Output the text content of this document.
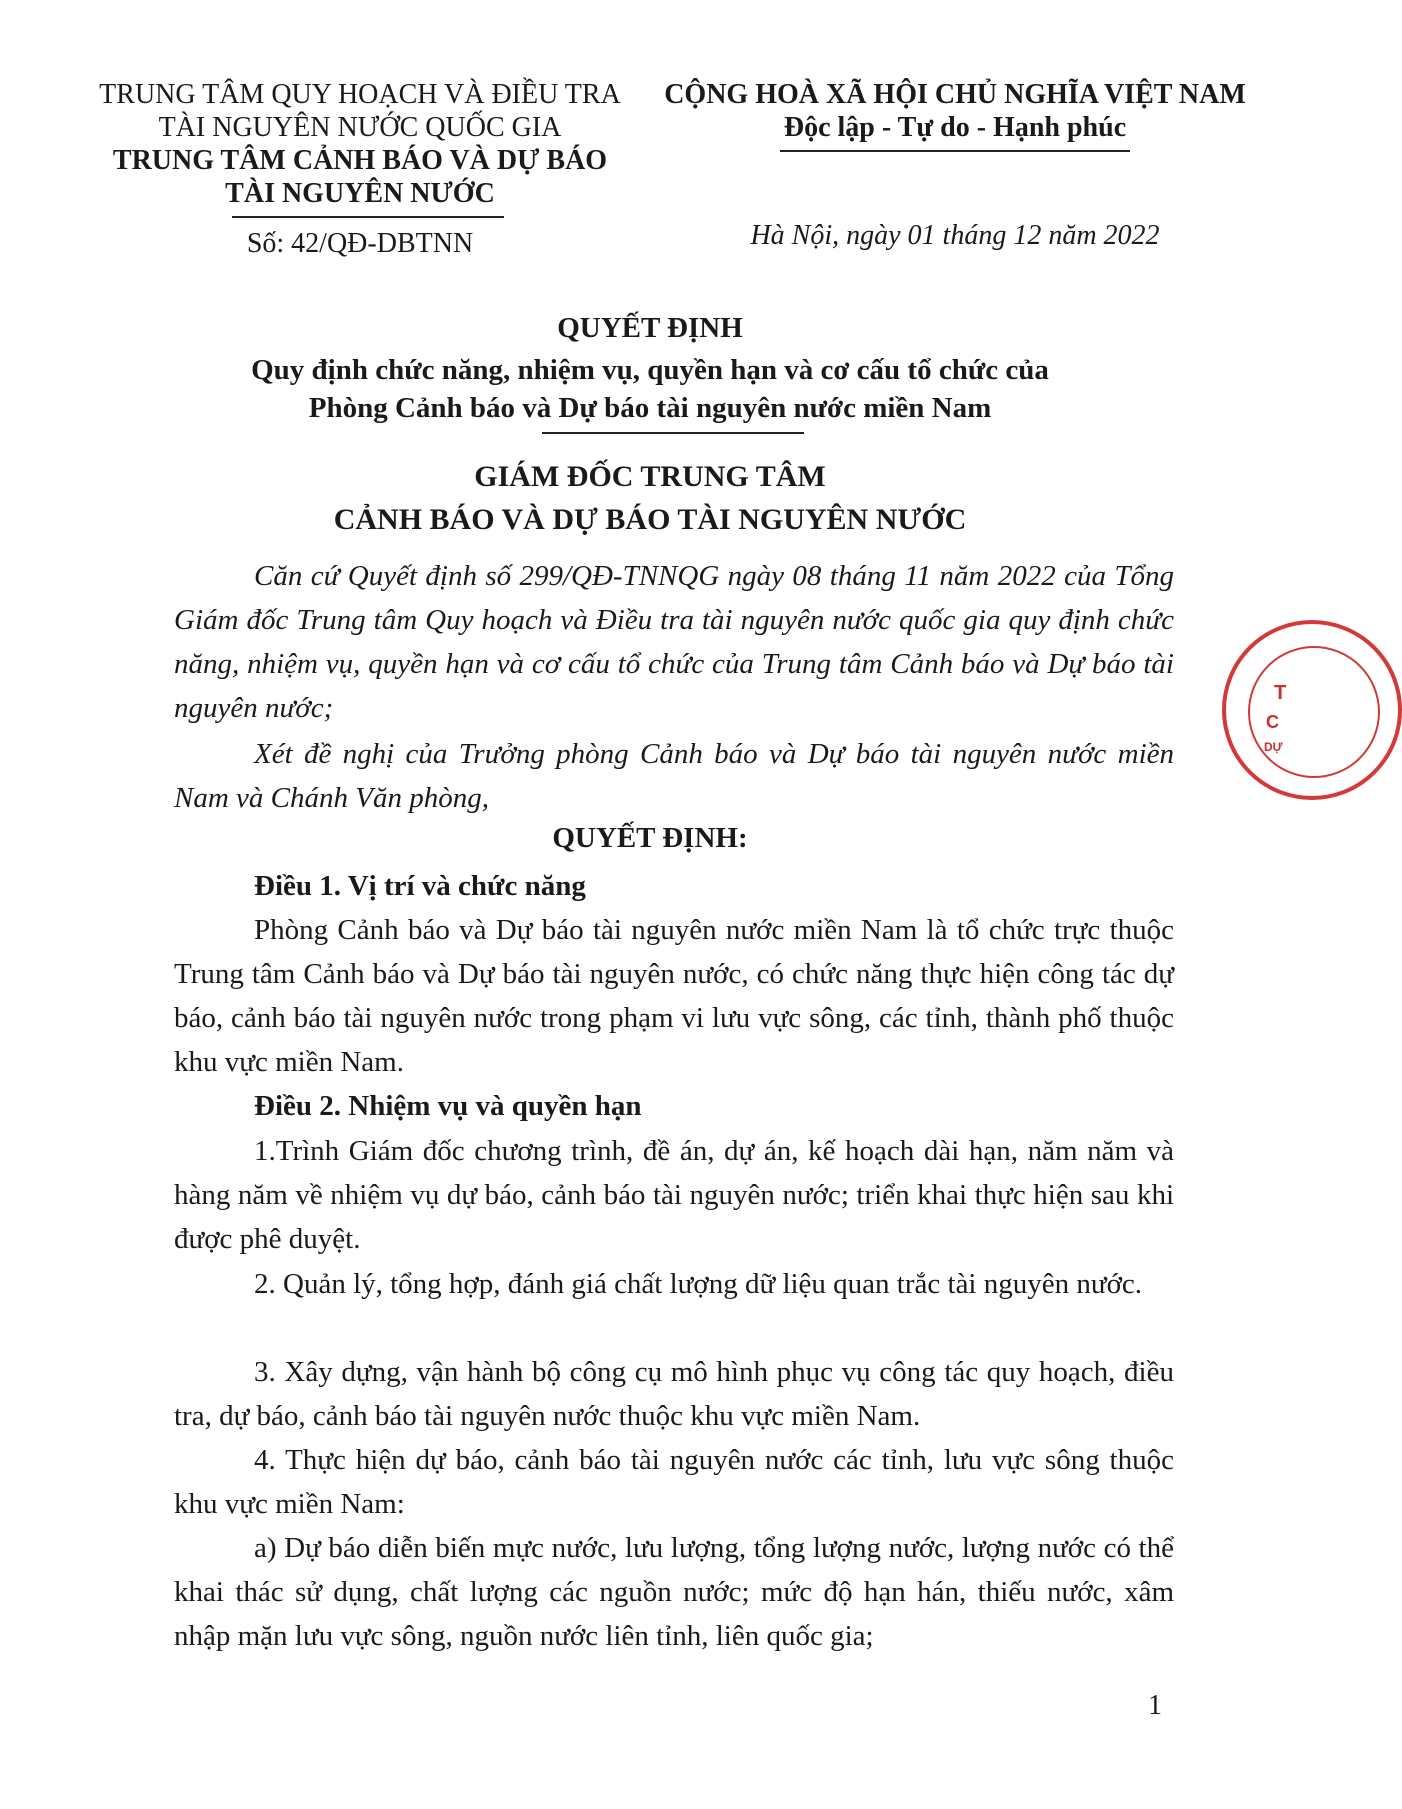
TRUNG TÂM QUY HOẠCH VÀ ĐIỀU TRA
TÀI NGUYÊN NƯỚC QUỐC GIA
TRUNG TÂM CẢNH BÁO VÀ DỰ BÁO
TÀI NGUYÊN NƯỚC
Số: 42/QĐ-DBTNN
CỘNG HOÀ XÃ HỘI CHỦ NGHĨA VIỆT NAM
Độc lập - Tự do - Hạnh phúc
Hà Nội, ngày 01 tháng 12 năm 2022
QUYẾT ĐỊNH
Quy định chức năng, nhiệm vụ, quyền hạn và cơ cấu tổ chức của
Phòng Cảnh báo và Dự báo tài nguyên nước miền Nam
GIÁM ĐỐC TRUNG TÂM
CẢNH BÁO VÀ DỰ BÁO TÀI NGUYÊN NƯỚC
Căn cứ Quyết định số 299/QĐ-TNNQG ngày 08 tháng 11 năm 2022 của Tổng Giám đốc Trung tâm Quy hoạch và Điều tra tài nguyên nước quốc gia quy định chức năng, nhiệm vụ, quyền hạn và cơ cấu tổ chức của Trung tâm Cảnh báo và Dự báo tài nguyên nước;
Xét đề nghị của Trưởng phòng Cảnh báo và Dự báo tài nguyên nước miền Nam và Chánh Văn phòng,
QUYẾT ĐỊNH:
Điều 1. Vị trí và chức năng
Phòng Cảnh báo và Dự báo tài nguyên nước miền Nam là tổ chức trực thuộc Trung tâm Cảnh báo và Dự báo tài nguyên nước, có chức năng thực hiện công tác dự báo, cảnh báo tài nguyên nước trong phạm vi lưu vực sông, các tỉnh, thành phố thuộc khu vực miền Nam.
Điều 2. Nhiệm vụ và quyền hạn
1.Trình Giám đốc chương trình, đề án, dự án, kế hoạch dài hạn, năm năm và hàng năm về nhiệm vụ dự báo, cảnh báo tài nguyên nước; triển khai thực hiện sau khi được phê duyệt.
2. Quản lý, tổng hợp, đánh giá chất lượng dữ liệu quan trắc tài nguyên nước.
3. Xây dựng, vận hành bộ công cụ mô hình phục vụ công tác quy hoạch, điều tra, dự báo, cảnh báo tài nguyên nước thuộc khu vực miền Nam.
4. Thực hiện dự báo, cảnh báo tài nguyên nước các tỉnh, lưu vực sông thuộc khu vực miền Nam:
a) Dự báo diễn biến mực nước, lưu lượng, tổng lượng nước, lượng nước có thể khai thác sử dụng, chất lượng các nguồn nước; mức độ hạn hán, thiếu nước, xâm nhập mặn lưu vực sông, nguồn nước liên tỉnh, liên quốc gia;
1
T
C
DỰ
